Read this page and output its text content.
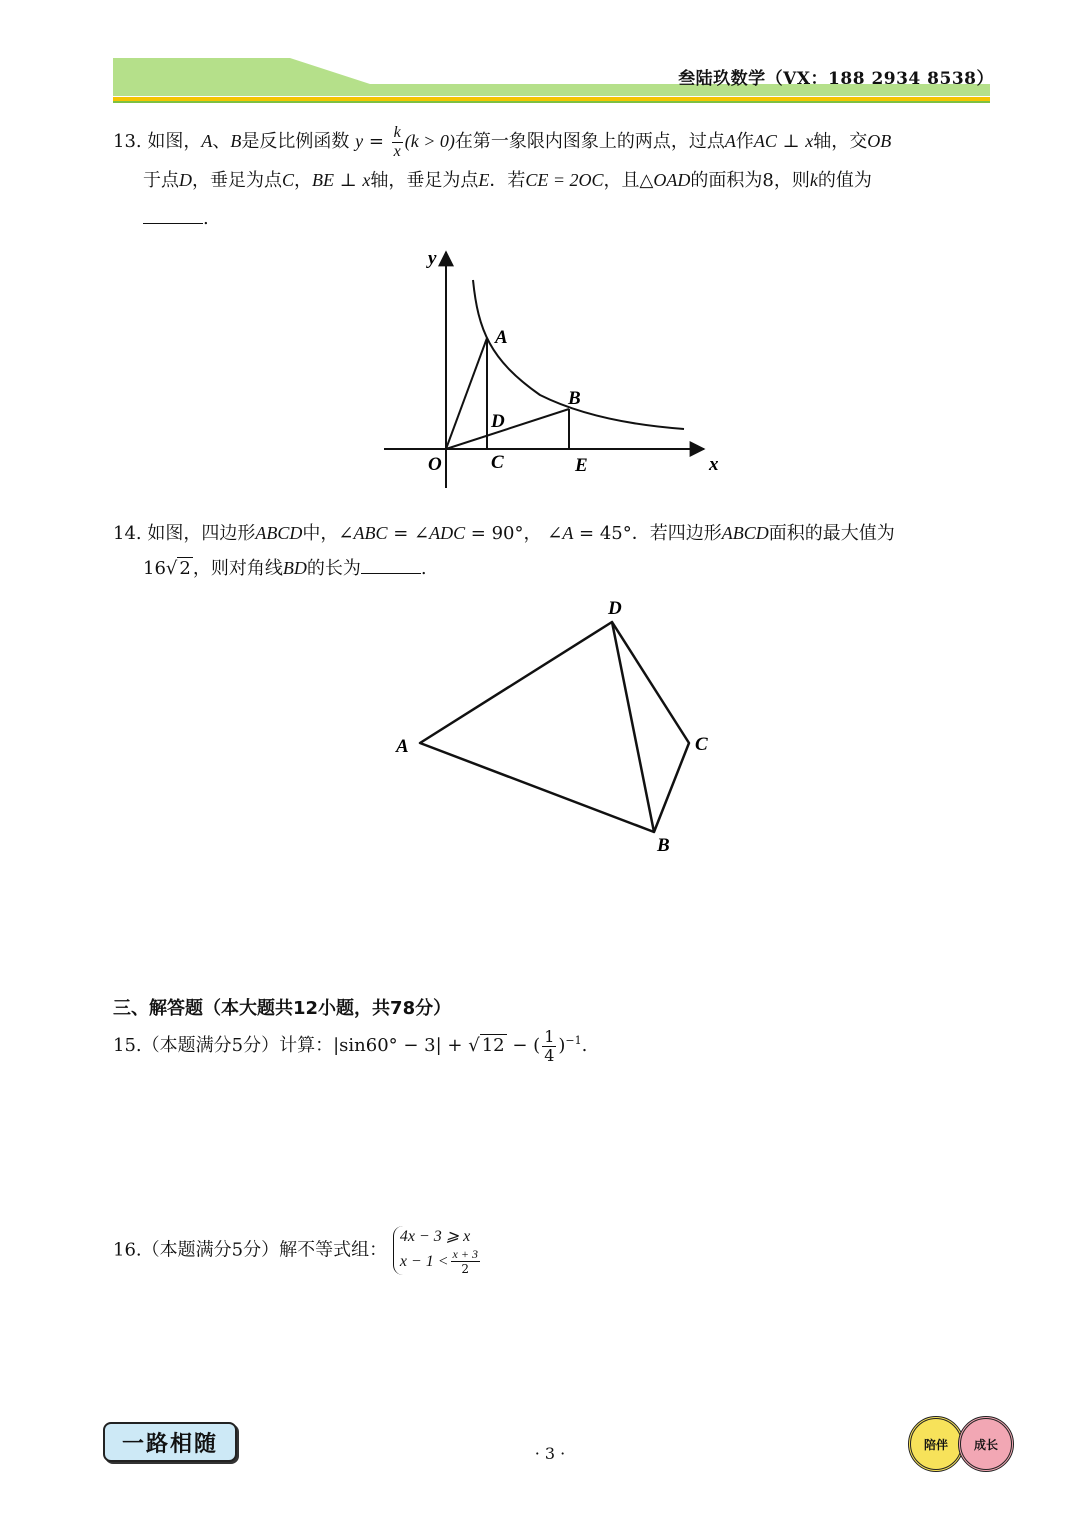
叁陆玖数学（VX：188 2934 8538）
13. 如图，A、B是反比例函数 $y = \frac{k}{x} (k > 0)$在第一象限内图象上的两点，过点A作AC ⊥ x轴，交OB
于点D，垂足为点C，BE ⊥ x轴，垂足为点E．若CE = 2OC，且△OAD的面积为8，则k的值为
.
y
x
O
A
B
C
D
E
14. 如图，四边形ABCD中，∠ABC = ∠ADC = 90°， ∠A = 45°．若四边形ABCD面积的最大值为
16√ 2 ，则对角线BD的长为	.
D
A	C
B
三、解答题（本大题共12小题，共78分）
15.（本题满分5分）计算：|sin60° − 3| + √ 12 − ( $\frac{1}{4} )^{-1}$.
16.（本题满分5分）解不等式组：
4x − 3 ⩾ x
$x - 1 < \frac{x + 3}{2}$
一路相随	· 3 ·	陪伴 成长
